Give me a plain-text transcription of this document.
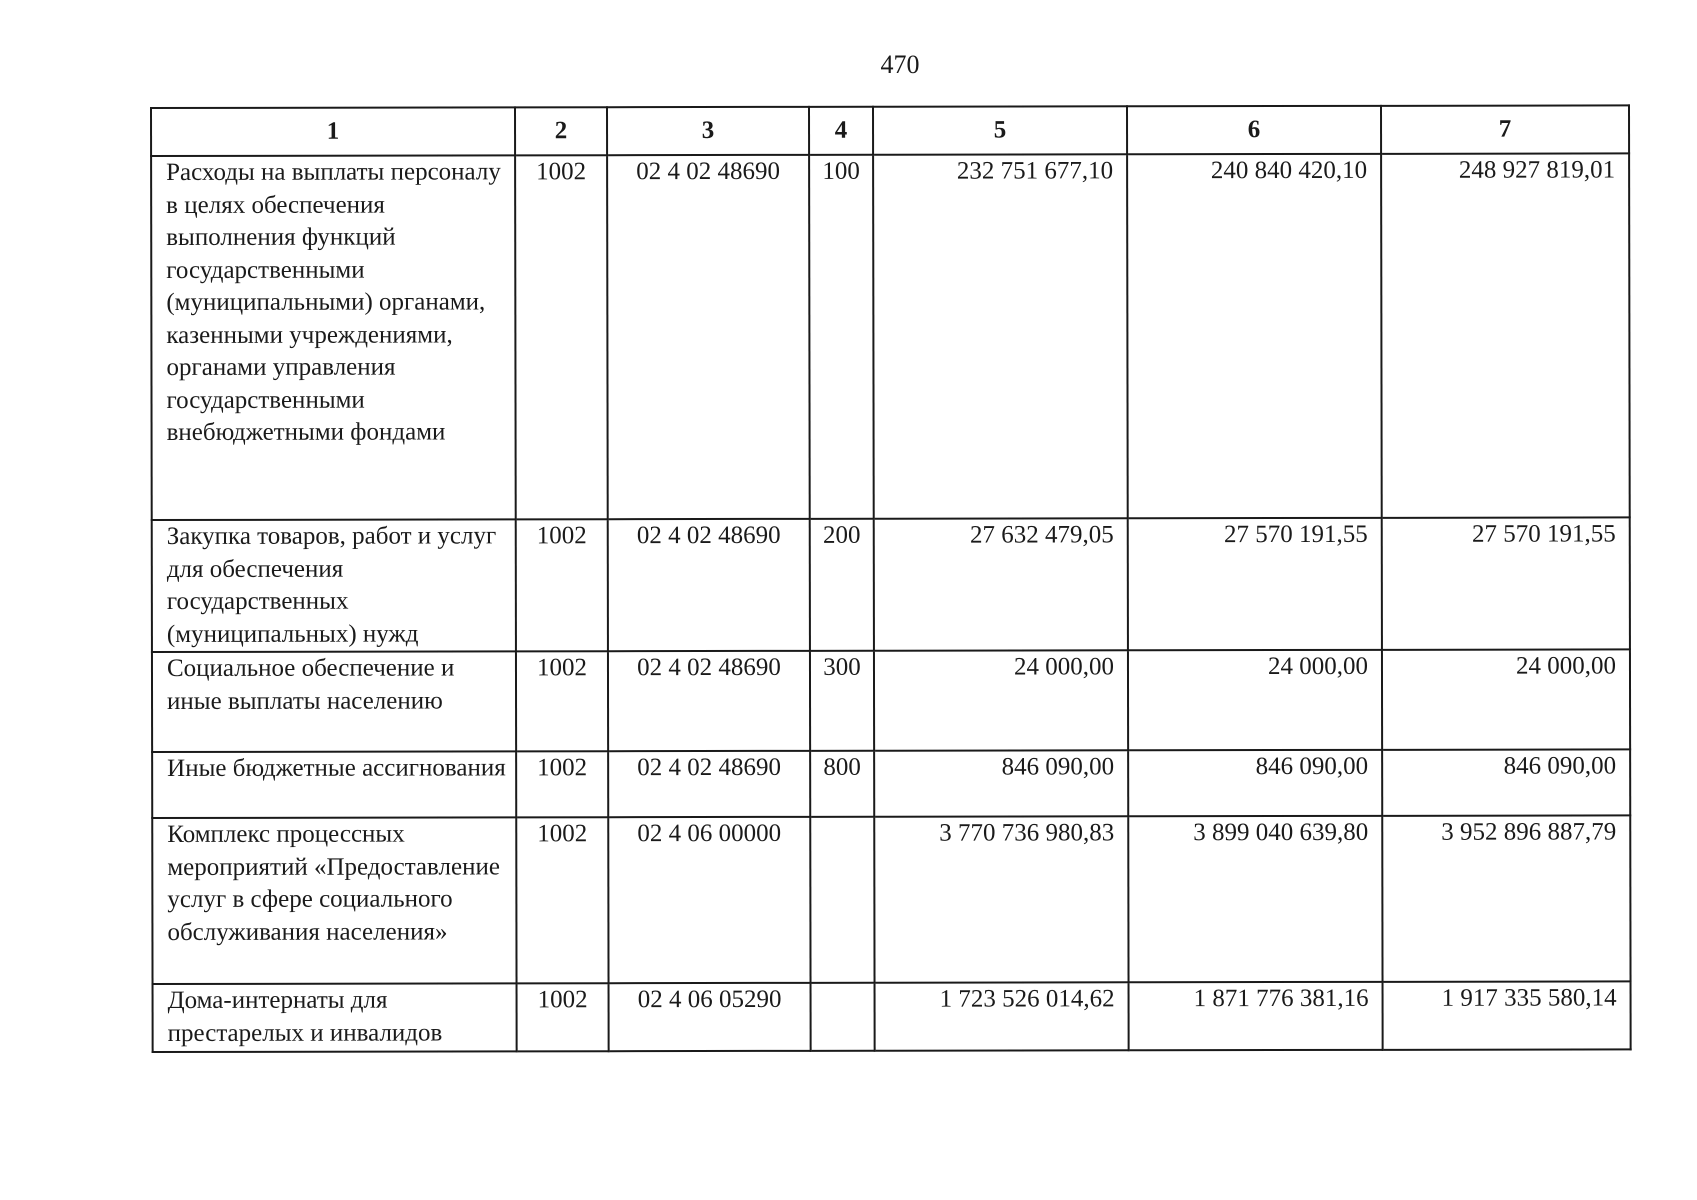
470
1	2	3	4	5	6	7
Расходы на выплаты персоналу в целях обеспечения выполнения функций государственными (муниципальными) органами, казенными учреждениями, органами управления государственными внебюджетными фондами	1002	02 4 02 48690	100	232 751 677,10	240 840 420,10	248 927 819,01
Закупка товаров, работ и услуг для обеспечения государственных (муниципальных) нужд	1002	02 4 02 48690	200	27 632 479,05	27 570 191,55	27 570 191,55
Социальное обеспечение и иные выплаты населению	1002	02 4 02 48690	300	24 000,00	24 000,00	24 000,00
Иные бюджетные ассигнования	1002	02 4 02 48690	800	846 090,00	846 090,00	846 090,00
Комплекс процессных мероприятий «Предоставление услуг в сфере социального обслуживания населения»	1002	02 4 06 00000		3 770 736 980,83	3 899 040 639,80	3 952 896 887,79
Дома-интернаты для престарелых и инвалидов	1002	02 4 06 05290		1 723 526 014,62	1 871 776 381,16	1 917 335 580,14
